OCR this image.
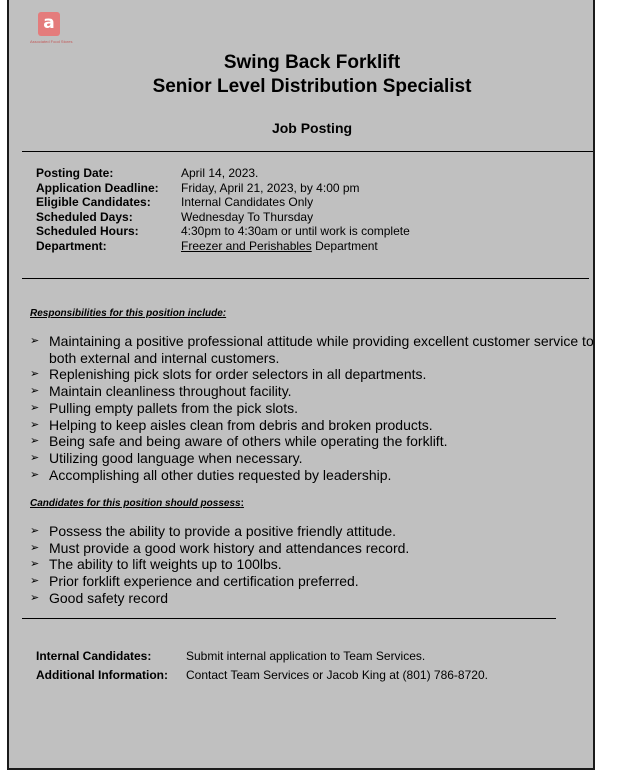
a
Associated Food Stores
Swing Back Forklift
Senior Level Distribution Specialist
Job Posting
Posting Date:	April 14, 2023.
Application Deadline:	Friday, April 21, 2023, by 4:00 pm
Eligible Candidates:	Internal Candidates Only
Scheduled Days:	Wednesday To Thursday
Scheduled Hours:	4:30pm to 4:30am or until work is complete
Department:	Freezer and Perishables Department
Responsibilities for this position include:
➢ Maintaining a positive professional attitude while providing excellent customer service to both external and internal customers.
➢ Replenishing pick slots for order selectors in all departments.
➢ Maintain cleanliness throughout facility.
➢ Pulling empty pallets from the pick slots.
➢ Helping to keep aisles clean from debris and broken products.
➢ Being safe and being aware of others while operating the forklift.
➢ Utilizing good language when necessary.
➢ Accomplishing all other duties requested by leadership.
Candidates for this position should possess:
➢ Possess the ability to provide a positive friendly attitude.
➢ Must provide a good work history and attendances record.
➢ The ability to lift weights up to 100lbs.
➢ Prior forklift experience and certification preferred.
➢ Good safety record
Internal Candidates:	Submit internal application to Team Services.
Additional Information:	Contact Team Services or Jacob King at (801) 786-8720.
